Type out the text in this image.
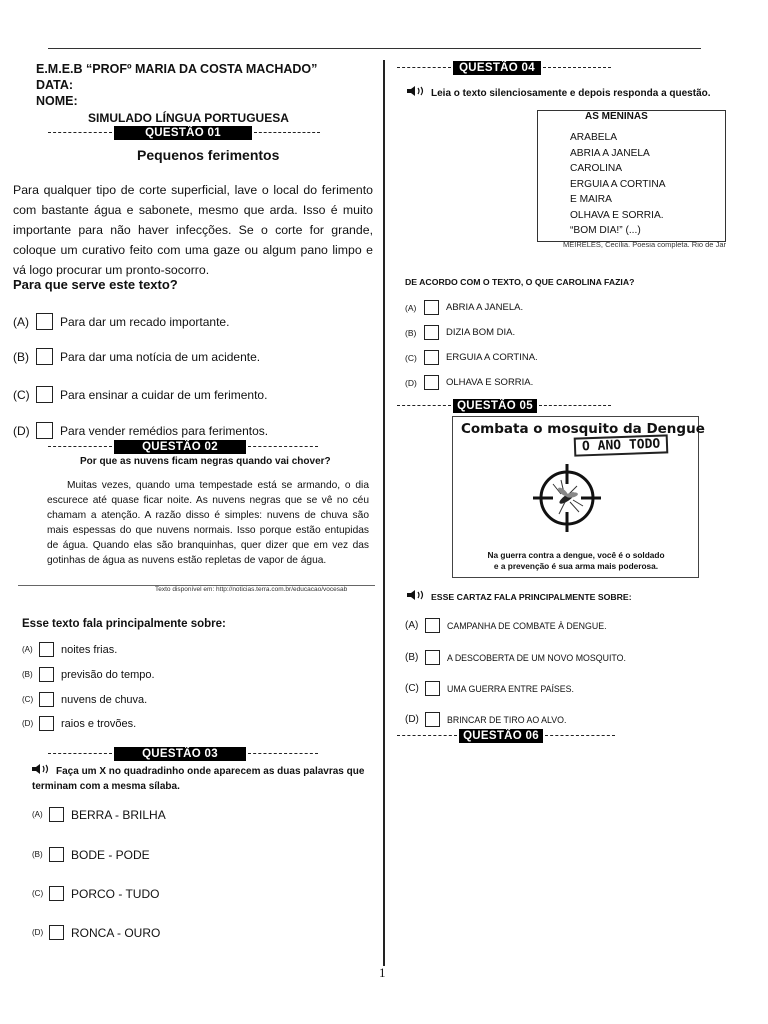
E.M.E.B “PROFº MARIA DA COSTA MACHADO”
DATA:
NOME:
SIMULADO LÍNGUA PORTUGUESA
QUESTÃO 01
Pequenos ferimentos
Para qualquer tipo de corte superficial, lave o local do ferimento com bastante água e sabonete, mesmo que arda. Isso é muito importante para não haver infecções. Se o corte for grande, coloque um curativo feito com uma gaze ou algum pano limpo e vá logo procurar um pronto-socorro.
Para que serve este texto?
(A)	Para dar um recado importante.
(B)	Para dar uma notícia de um acidente.
(C)	Para ensinar a cuidar de um ferimento.
(D)	Para vender remédios para ferimentos.
QUESTÃO 02
Por que as nuvens ficam negras quando vai chover?
Muitas vezes, quando uma tempestade está se armando, o dia escurece até quase ficar noite. As nuvens negras que se vê no céu chamam a atenção. A razão disso é simples: nuvens de chuva são mais espessas do que nuvens normais. Isso porque estão entupidas de água. Quando elas são branquinhas, quer dizer que em vez das gotinhas de água as nuvens estão repletas de vapor de água.
Texto disponível em: http://noticias.terra.com.br/educacao/vocesab
Esse texto fala principalmente sobre:
(A)	noites frias.
(B)	previsão do tempo.
(C)	nuvens de chuva.
(D)	raios e trovões.
QUESTÃO 03
Faça um X no quadradinho onde aparecem as duas palavras que terminam com a mesma sílaba.
(A) BERRA - BRILHA
(B) BODE - PODE
(C) PORCO - TUDO
(D) RONCA - OURO
QUESTÃO 04
Leia o texto silenciosamente e depois responda a questão.
AS MENINAS
ARABELA
ABRIA A JANELA
CAROLINA
ERGUIA A CORTINA
E MAIRA
OLHAVA E SORRIA.
“BOM DIA!” (...)
MEIRELES, Cecília. Poesia completa. Rio de Jar
DE ACORDO COM O TEXTO, O QUE CAROLINA FAZIA?
(A)	ABRIA A JANELA.
(B)	DIZIA BOM DIA.
(C)	ERGUIA A CORTINA.
(D)	OLHAVA E SORRIA.
QUESTÃO 05
Combata o mosquito da Dengue
O ANO TODO
Na guerra contra a dengue, você é o soldado
e a prevenção é sua arma mais poderosa.
ESSE CARTAZ FALA PRINCIPALMENTE SOBRE:
(A)	CAMPANHA DE COMBATE À DENGUE.
(B)	A DESCOBERTA DE UM NOVO MOSQUITO.
(C)	UMA GUERRA ENTRE PAÍSES.
(D)	BRINCAR DE TIRO AO ALVO.
QUESTÃO 06
1
